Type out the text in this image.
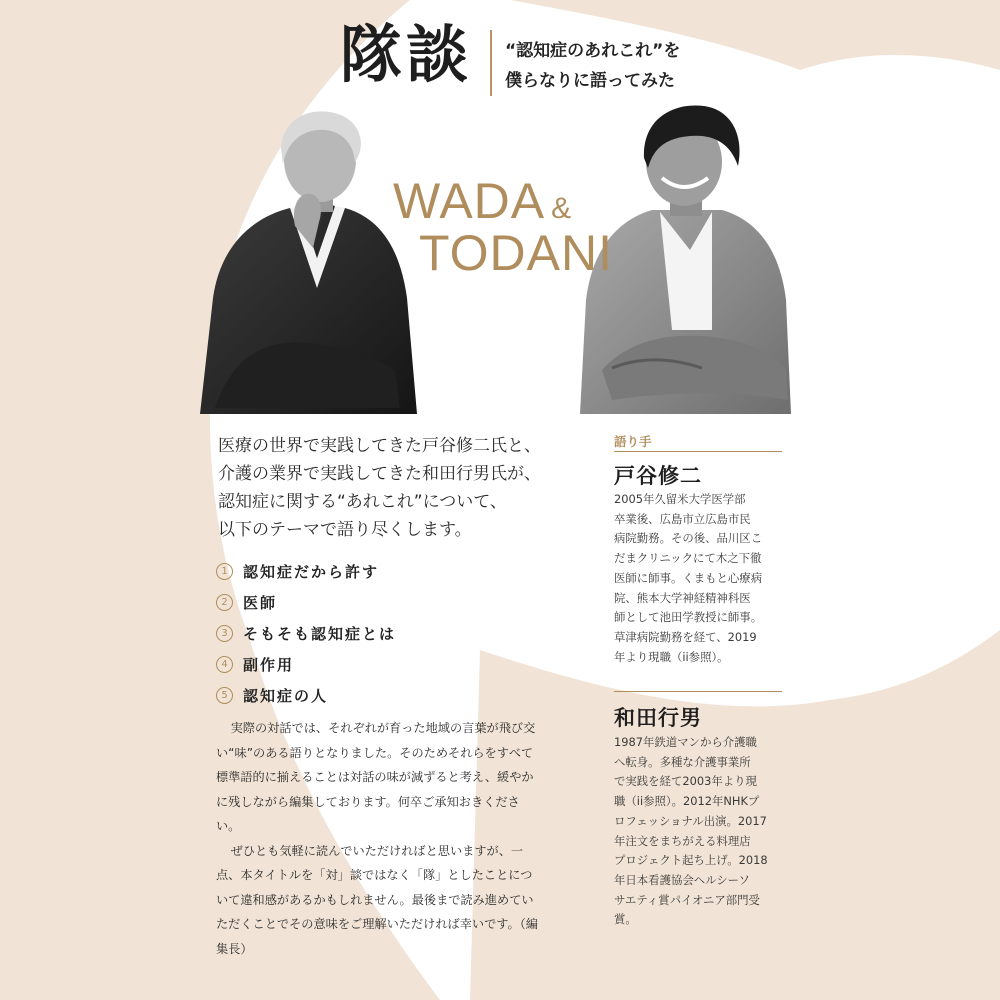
隊談 “認知症のあれこれ”を
僕らなりに語ってみた
WADA &
TODANI

医療の世界で実践してきた戸谷修二氏と、

介護の業界で実践してきた和田行男氏が、

認知症に関する“あれこれ”について、

以下のテーマで語り尽くします。

1	認知症だから許す
2	医師
3	そもそも認知症とは
4	副作用
5	認知症の人

実際の対話では、それぞれが育った地域の言葉が飛び交い“味”のある語りとなりました。そのためそれらをすべて標準語的に揃えることは対話の味が減ずると考え、緩やかに残しながら編集しております。何卒ご承知おきください。

ぜひとも気軽に読んでいただければと思いますが、一点、本タイトルを「対」談ではなく「隊」としたことについて違和感があるかもしれません。最後まで読み進めていただくことでその意味をご理解いただければ幸いです。（編集長）

語り手
戸谷修二

2005年久留米大学医学部

卒業後、広島市立広島市民

病院勤務。その後、品川区こ

だまクリニックにて木之下徹

医師に師事。くまもと心療病

院、熊本大学神経精神科医

師として池田学教授に師事。

草津病院勤務を経て、2019

年より現職（ii参照）。

和田行男

1987年鉄道マンから介護職

へ転身。多種な介護事業所

で実践を経て2003年より現

職（ii参照）。2012年NHKプ

ロフェッショナル出演。2017

年注文をまちがえる料理店

プロジェクト起ち上げ。2018

年日本看護協会ヘルシーソ

サエティ賞パイオニア部門受

賞。
